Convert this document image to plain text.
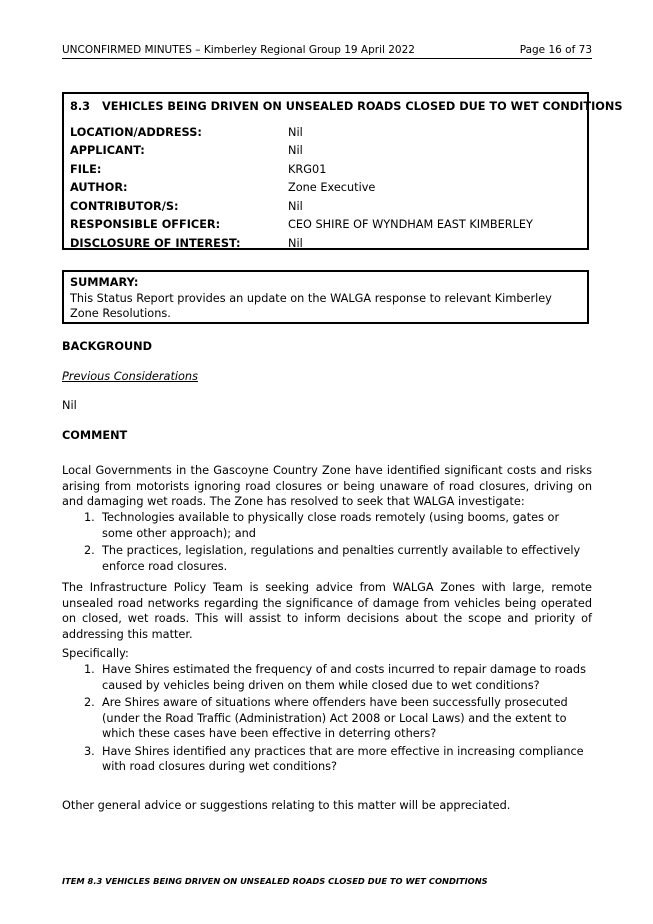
UNCONFIRMED MINUTES – Kimberley Regional Group 19 April 2022	Page 16 of 73
8.3 VEHICLES BEING DRIVEN ON UNSEALED ROADS CLOSED DUE TO WET CONDITIONS
LOCATION/ADDRESS:	Nil
APPLICANT:	Nil
FILE:	KRG01
AUTHOR:	Zone Executive
CONTRIBUTOR/S:	Nil
RESPONSIBLE OFFICER:	CEO SHIRE OF WYNDHAM EAST KIMBERLEY
DISCLOSURE OF INTEREST:	Nil
SUMMARY:
This Status Report provides an update on the WALGA response to relevant Kimberley Zone Resolutions.
BACKGROUND
Previous Considerations
Nil
COMMENT
Local Governments in the Gascoyne Country Zone have identified significant costs and risks arising from motorists ignoring road closures or being unaware of road closures, driving on and damaging wet roads. The Zone has resolved to seek that WALGA investigate:
1. Technologies available to physically close roads remotely (using booms, gates or some other approach); and
2. The practices, legislation, regulations and penalties currently available to effectively enforce road closures.
The Infrastructure Policy Team is seeking advice from WALGA Zones with large, remote unsealed road networks regarding the significance of damage from vehicles being operated on closed, wet roads. This will assist to inform decisions about the scope and priority of addressing this matter.
Specifically:
1. Have Shires estimated the frequency of and costs incurred to repair damage to roads caused by vehicles being driven on them while closed due to wet conditions?
2. Are Shires aware of situations where offenders have been successfully prosecuted (under the Road Traffic (Administration) Act 2008 or Local Laws) and the extent to which these cases have been effective in deterring others?
3. Have Shires identified any practices that are more effective in increasing compliance with road closures during wet conditions?
Other general advice or suggestions relating to this matter will be appreciated.
ITEM 8.3 VEHICLES BEING DRIVEN ON UNSEALED ROADS CLOSED DUE TO WET CONDITIONS
